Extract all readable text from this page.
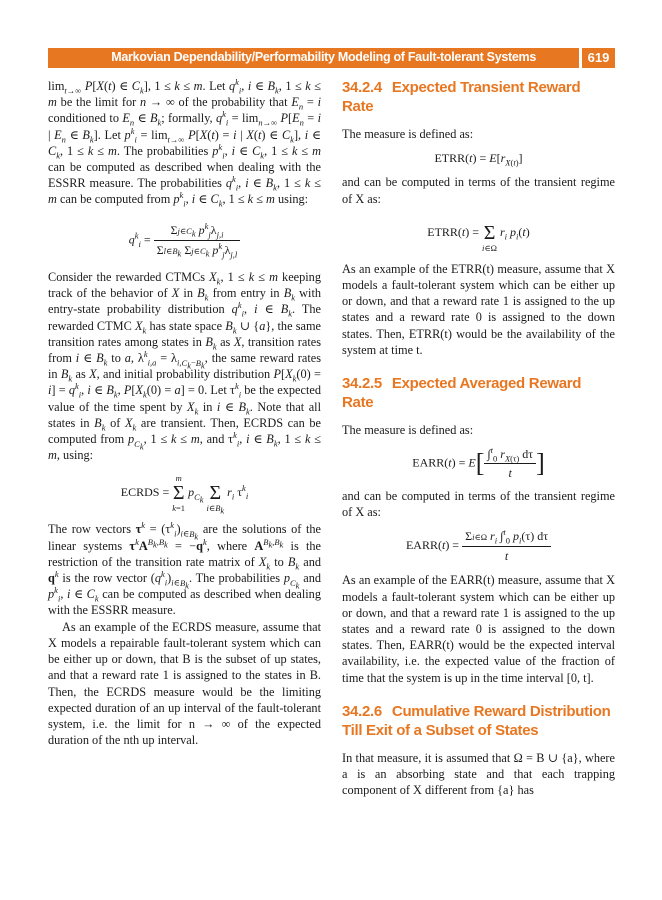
Markovian Dependability/Performability Modeling of Fault-tolerant Systems	619

$\lim_{t\to\infty} P[X(t)$ ∈ $C_k$], 1 ≤ k ≤ m. Let $q^k_i$, i ∈ $B_k$, 1 ≤ k ≤ m be the limit for n → ∞ of the probability that $E_n = i$ conditioned to $E_n$ ∈ $B_k$; formally, $q^k_i = \lim_{n\to\infty} P[E_n = i$ | $E_n$ ∈ $B_k$]. Let $p^k_i = \lim_{t\to\infty} P[X(t) = i$ | X(t) ∈ $C_k$], i ∈ $C_k$, 1 ≤ k ≤ m. The probabilities $p^k_i$, i ∈ $C_k$, 1 ≤ k ≤ m can be computed as described when dealing with the ESSRR measure. The probabilities $q^k_i$, i ∈ $B_k$, 1 ≤ k ≤ m can be computed from $p^k_i$, i ∈ $C_k$, 1 ≤ k ≤ m using:

$q^k_i = \frac{\Sigma j\in C_k p^k_j\lambda_{j,i}}{\Sigma l\in B_k \Sigma j\in C_k p^k_j\lambda_{j,l}}$

Consider the rewarded CTMCs $X_k$, 1 ≤ k ≤ m keeping track of the behavior of X in $B_k$ from entry in $B_k$ with entry-state probability distribution $q^k_i$, i ∈ $B_k$. The rewarded CTMC $X_k$ has state space $B_k$ ∪ {a}, the same transition rates among states in $B_k$ as X, transition rates from i ∈ $B_k$ to a, $\lambda^k_{i,a} = \lambda_{i,C_k-B_k}$, the same reward rates in $B_k$ as X, and initial probability distribution $P[X_k(0) = i] = q^k_i$, i ∈ $B_k$, $P[X_k(0) = a] = 0$. Let $\tau^k_i$ be the expected value of the time spent by $X_k$ in i ∈ $B_k$. Note that all states in $B_k$ of $X_k$ are transient. Then, ECRDS can be computed from $p_{C_k}$, 1 ≤ k ≤ m, and $\tau^k_i$, i ∈ $B_k$, 1 ≤ k ≤ m, using:

ECRDS =
m
Σ
k=1
$p_{C_k}$
Σ
$i\in B_k$
$r_i$ $\tau^k_i$

The row vectors $\tau^k = (\tau^k_i)_{i\in B_k}$ are the solutions of the linear systems $\tau^kA^{B_k,B_k} = -q^k$, where $A^{B_k,B_k}$ is the restriction of the transition rate matrix of $X_k$ to $B_k$ and $q^k$ is the row vector $(q^k_i)_{i\in B_k}$. The probabilities $p_{C_k}$ and $p^k_i$, i ∈ $C_k$ can be computed as described when dealing with the ESSRR measure.

As an example of the ECRDS measure, assume that X models a repairable fault-tolerant system which can be either up or down, that B is the subset of up states, and that a reward rate 1 is assigned to the states in B. Then, the ECRDS measure would be the limiting expected duration of an up interval of the fault-tolerant system, i.e. the limit for n → ∞ of the expected duration of the nth up interval.

34.2.4 Expected Transient Reward Rate

The measure is defined as:

ETRR(t) = $E[r_{X(t)}]$

and can be computed in terms of the transient regime of X as:

ETRR(t) =
Σ
i∈Ω
$r_i$ $p_i(t)$

As an example of the ETRR(t) measure, assume that X models a fault-tolerant system which can be either up or down, and that a reward rate 1 is assigned to the up states and a reward rate 0 is assigned to the down states. Then, ETRR(t) would be the availability of the system at time t.

34.2.5 Expected Averaged Reward Rate

The measure is defined as:

EARR(t) = $E[ \frac{\int^t_0 r_{X(\tau)} d\tau}{t}$ ]

and can be computed in terms of the transient regime of X as:

EARR(t) = $\frac{\Sigma i\in\Omega r_i \int^t_0 p_i(\tau) d\tau}{t}$

As an example of the EARR(t) measure, assume that X models a fault-tolerant system which can be either up or down, and that a reward rate 1 is assigned to the up states and a reward rate 0 is assigned to the down states. Then, EARR(t) would be the expected interval availability, i.e. the expected value of the fraction of time that the system is up in the time interval [0, t].

34.2.6 Cumulative Reward Distribution Till Exit of a Subset of States

In that measure, it is assumed that Ω = B ∪ {a}, where a is an absorbing state and that each trapping component of X different from {a} has
